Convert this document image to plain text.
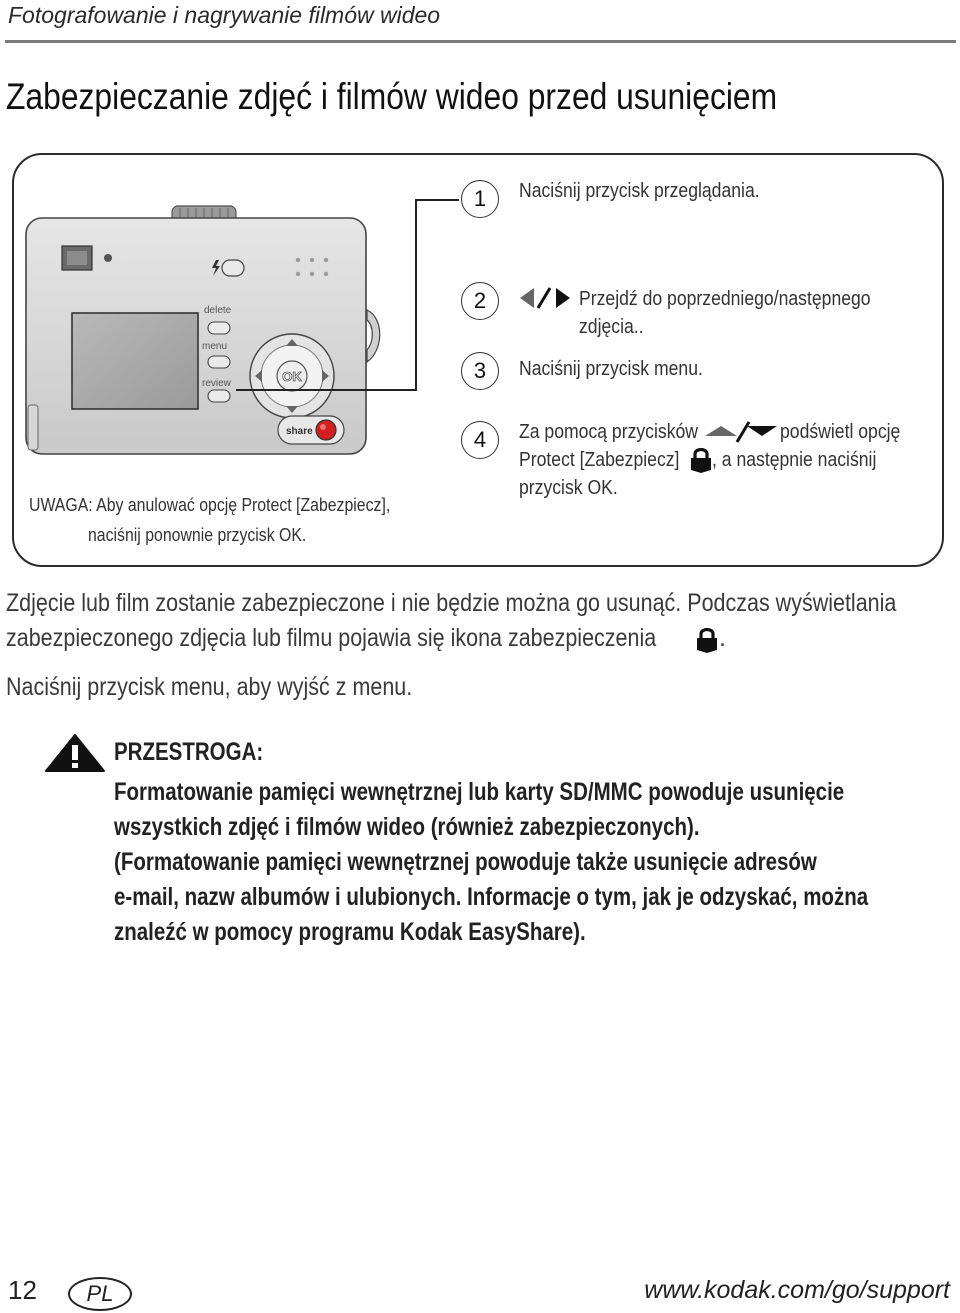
Fotografowanie i nagrywanie filmów wideo
Zabezpieczanie zdjęć i filmów wideo przed usunięciem
delete
menu
review	OK
share
1	Naciśnij przycisk przeglądania.
2	Przejdź do poprzedniego/następnego
zdjęcia..
3	Naciśnij przycisk menu.
4	Za pomocą przycisków	podświetl opcję
Protect [Zabezpiecz]	, a następnie naciśnij
przycisk OK.
UWAGA: Aby anulować opcję Protect [Zabezpiecz],
naciśnij ponownie przycisk OK.
Zdjęcie lub film zostanie zabezpieczone i nie będzie można go usunąć. Podczas wyświetlania
zabezpieczonego zdjęcia lub filmu pojawia się ikona zabezpieczenia	.
Naciśnij przycisk menu, aby wyjść z menu.
PRZESTROGA:
Formatowanie pamięci wewnętrznej lub karty SD/MMC powoduje usunięcie
wszystkich zdjęć i filmów wideo (również zabezpieczonych).
(Formatowanie pamięci wewnętrznej powoduje także usunięcie adresów
e-mail, nazw albumów i ulubionych. Informacje o tym, jak je odzyskać, można
znaleźć w pomocy programu Kodak EasyShare).
12	PL	www.kodak.com/go/support
